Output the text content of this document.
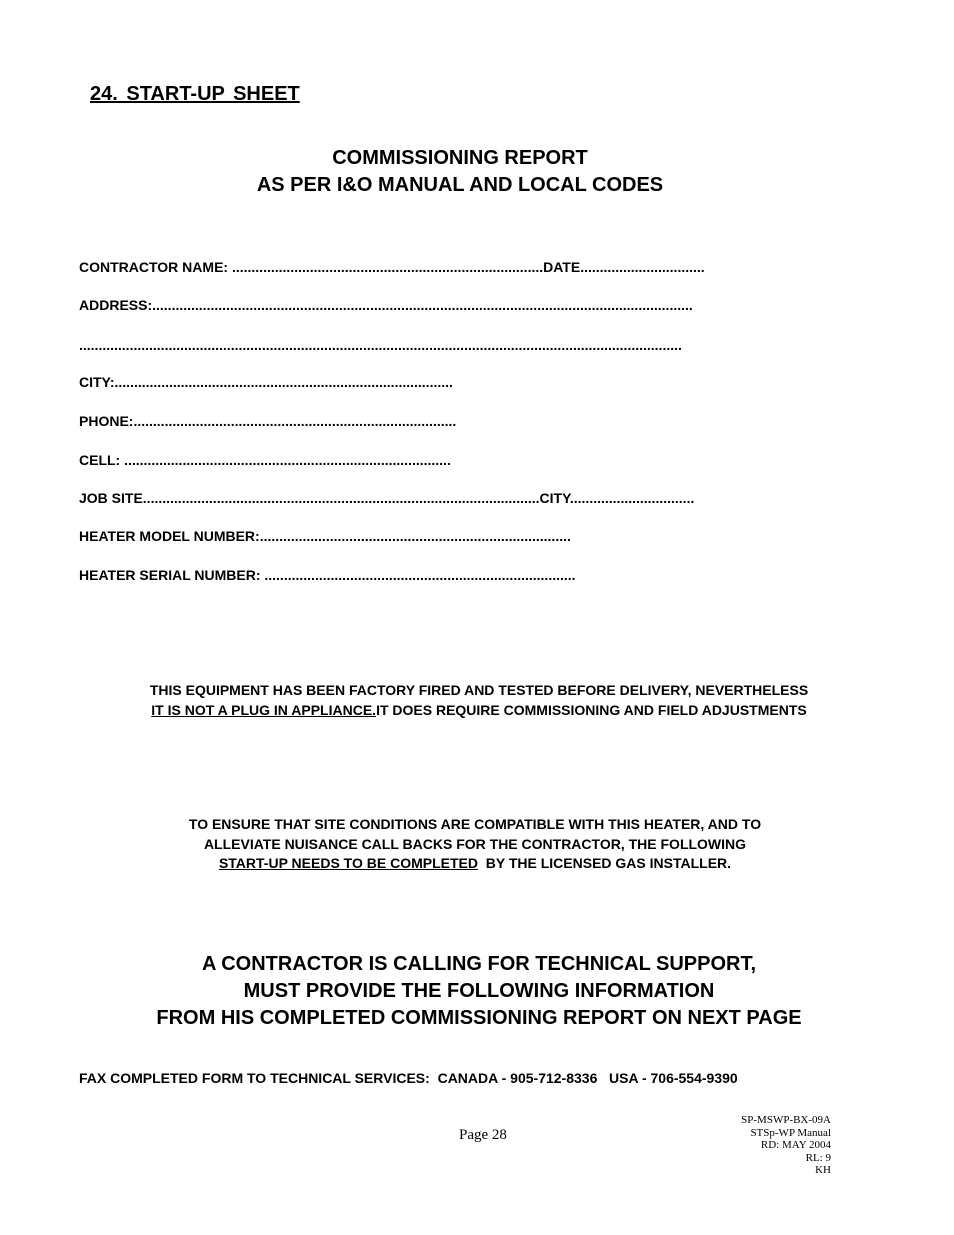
24. START-UP SHEET
COMMISSIONING REPORT
AS PER I&O MANUAL AND LOCAL CODES
CONTRACTOR NAME: ................................................................................DATE................................
ADDRESS:...........................................................................................................................................
...........................................................................................................................................................
CITY:.......................................................................................
PHONE:...................................................................................
CELL: ....................................................................................
JOB SITE......................................................................................................CITY................................
HEATER MODEL NUMBER:................................................................................
HEATER SERIAL NUMBER: ................................................................................
THIS EQUIPMENT HAS BEEN FACTORY FIRED AND TESTED BEFORE DELIVERY, NEVERTHELESS
IT IS NOT A PLUG IN APPLIANCE.IT DOES REQUIRE COMMISSIONING AND FIELD ADJUSTMENTS
TO ENSURE THAT SITE CONDITIONS ARE COMPATIBLE WITH THIS HEATER, AND TO
ALLEVIATE NUISANCE CALL BACKS FOR THE CONTRACTOR, THE FOLLOWING
START-UP NEEDS TO BE COMPLETED  BY THE LICENSED GAS INSTALLER.
A CONTRACTOR IS CALLING FOR TECHNICAL SUPPORT,
MUST PROVIDE THE FOLLOWING INFORMATION
FROM HIS COMPLETED COMMISSIONING REPORT ON NEXT PAGE
FAX COMPLETED FORM TO TECHNICAL SERVICES:  CANADA - 905-712-8336   USA - 706-554-9390
Page 28
SP-MSWP-BX-09A
STSp-WP Manual
RD: MAY 2004
RL: 9
KH
